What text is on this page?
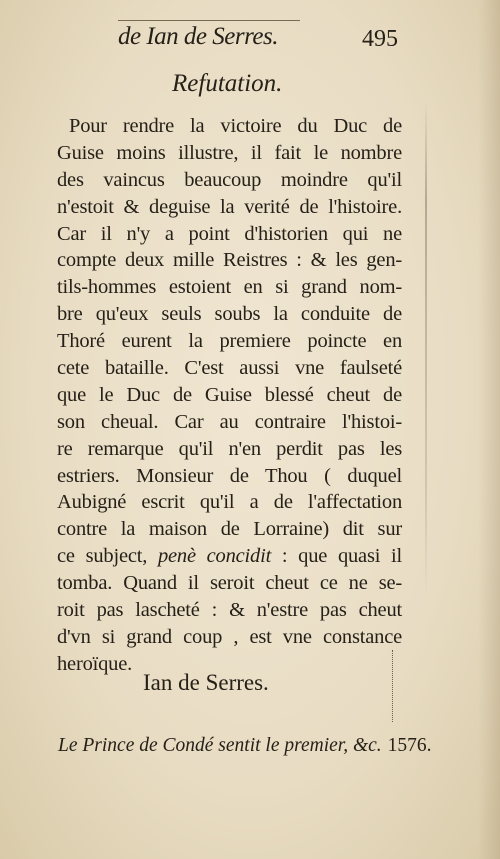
de Ian de Serres.	495
Refutation.
Pour rendre la victoire du Duc de
Guise moins illustre, il fait le nombre
des vaincus beaucoup moindre qu'il
n'estoit & deguise la verité de l'histoire.
Car il n'y a point d'historien qui ne
compte deux mille Reistres : & les gen-
tils-hommes estoient en si grand nom-
bre qu'eux seuls soubs la conduite de
Thoré eurent la premiere poincte en
cete bataille. C'est aussi vne faulseté
que le Duc de Guise blessé cheut de
son cheual. Car au contraire l'histoi-
re remarque qu'il n'en perdit pas les
estriers. Monsieur de Thou ( duquel
Aubigné escrit qu'il a de l'affectation
contre la maison de Lorraine) dit sur
ce subject, penè concidit : que quasi il
tomba. Quand il seroit cheut ce ne se-
roit pas lascheté : & n'estre pas cheut
d'vn si grand coup , est vne constance
heroïque.
Ian de Serres.
Le Prince de Condé sentit le premier, &c. 1576.
